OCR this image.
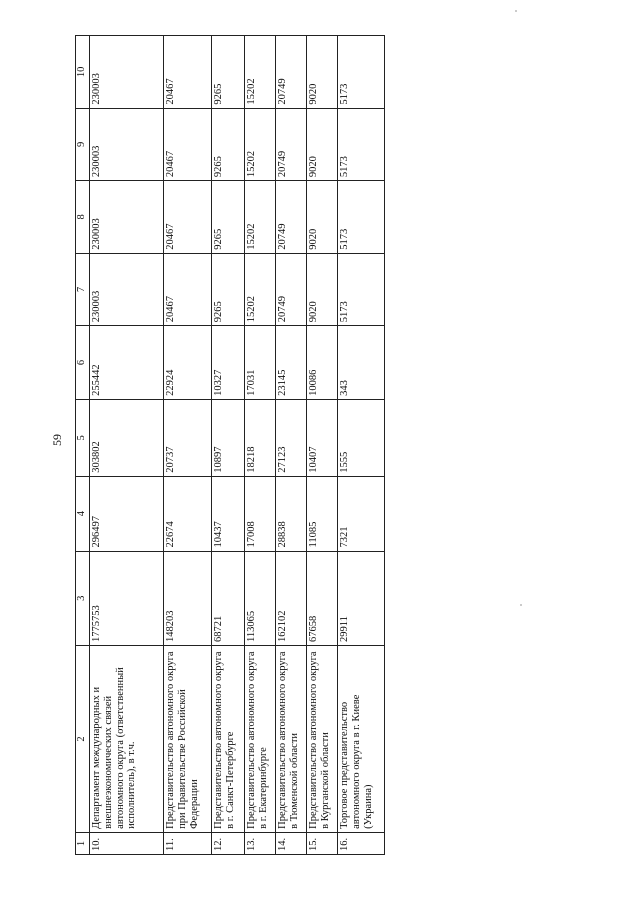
59
1	2	3	4	5	6	7	8	9	10
10.	Департамент международных и внешнеэкономических связей автономного округа (ответственный исполнитель), в т.ч.	1775753	296497	303802	255442	230003	230003	230003	230003
11.	Представительство автономного округа при Правительстве Российской Федерации	148203	22674	20737	22924	20467	20467	20467	20467
12.	Представительство автономного округа в г. Санкт-Петербурге	68721	10437	10897	10327	9265	9265	9265	9265
13.	Представительство автономного округа в г. Екатеринбурге	113065	17008	18218	17031	15202	15202	15202	15202
14.	Представительство автономного округа в Тюменской области	162102	28838	27123	23145	20749	20749	20749	20749
15.	Представительство автономного округа в Курганской области	67658	11085	10407	10086	9020	9020	9020	9020
16.	Торговое представительство автономного округа в г. Киеве (Украина)	29911	7321	1555	343	5173	5173	5173	5173
